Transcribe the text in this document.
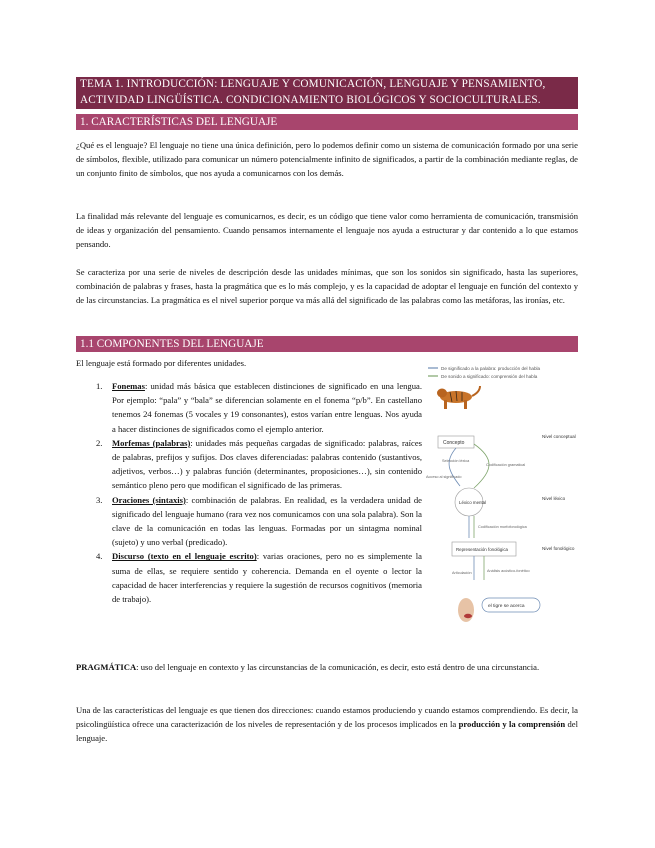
TEMA 1. INTRODUCCIÓN: LENGUAJE Y COMUNICACIÓN, LENGUAJE Y PENSAMIENTO,
ACTIVIDAD LINGÜÍSTICA. CONDICIONAMIENTO BIOLÓGICOS Y SOCIOCULTURALES.
1. CARACTERÍSTICAS DEL LENGUAJE

¿Qué es el lenguaje? El lenguaje no tiene una única definición, pero lo podemos definir como un sistema de comunicación formado por una serie de símbolos, flexible, utilizado para comunicar un número potencialmente infinito de significados, a partir de la combinación mediante reglas, de un conjunto finito de símbolos, que nos ayuda a comunicarnos con los demás.

La finalidad más relevante del lenguaje es comunicarnos, es decir, es un código que tiene valor como herramienta de comunicación, transmisión de ideas y organización del pensamiento. Cuando pensamos internamente el lenguaje nos ayuda a estructurar y dar contenido a lo que estamos pensando.

Se caracteriza por una serie de niveles de descripción desde las unidades mínimas, que son los sonidos sin significado, hasta las superiores, combinación de palabras y frases, hasta la pragmática que es lo más complejo, y es la capacidad de adoptar el lenguaje en función del contexto y de las circunstancias. La pragmática es el nivel superior porque va más allá del significado de las palabras como las metáforas, las ironías, etc.

1.1 COMPONENTES DEL LENGUAJE

El lenguaje está formado por diferentes unidades.

1. Fonemas: unidad más básica que establecen distinciones de significado en una lengua. Por ejemplo: “pala” y “bala” se diferencian solamente en el fonema “p/b”. En castellano tenemos 24 fonemas (5 vocales y 19 consonantes), estos varían entre lenguas. Nos ayuda a hacer distinciones de significados como el ejemplo anterior.
2. Morfemas (palabras): unidades más pequeñas cargadas de significado: palabras, raíces de palabras, prefijos y sufijos. Dos claves diferenciadas: palabras contenido (sustantivos, adjetivos, verbos…) y palabras función (determinantes, proposiciones…), sin contenido semántico pleno pero que modifican el significado de las primeras.
3. Oraciones (sintaxis): combinación de palabras. En realidad, es la verdadera unidad de significado del lenguaje humano (rara vez nos comunicamos con una sola palabra). Son la clave de la comunicación en todas las lenguas. Formadas por un sintagma nominal (sujeto) y uno verbal (predicado).
4. Discurso (texto en el lenguaje escrito): varias oraciones, pero no es simplemente la suma de ellas, se requiere sentido y coherencia. Demanda en el oyente o lector la capacidad de hacer interferencias y requiere la sugestión de recursos cognitivos (memoria de trabajo).
De significado a la palabra: producción del habla
De sonido a significado: comprensión del habla
Concepto
Nivel conceptual
Selección léxica
Codificación gramatical
Acceso al significado
Léxico mental
Nivel léxico
Codificación morfofonológica
Representación fonológica	Nivel fonológico
Articulación	Análisis acústico-fonético
el tigre se acerca

PRAGMÁTICA: uso del lenguaje en contexto y las circunstancias de la comunicación, es decir, esto está dentro de una circunstancia.

Una de las características del lenguaje es que tienen dos direcciones: cuando estamos produciendo y cuando estamos comprendiendo. Es decir, la psicolingüística ofrece una caracterización de los niveles de representación y de los procesos implicados en la producción y la comprensión del lenguaje.
